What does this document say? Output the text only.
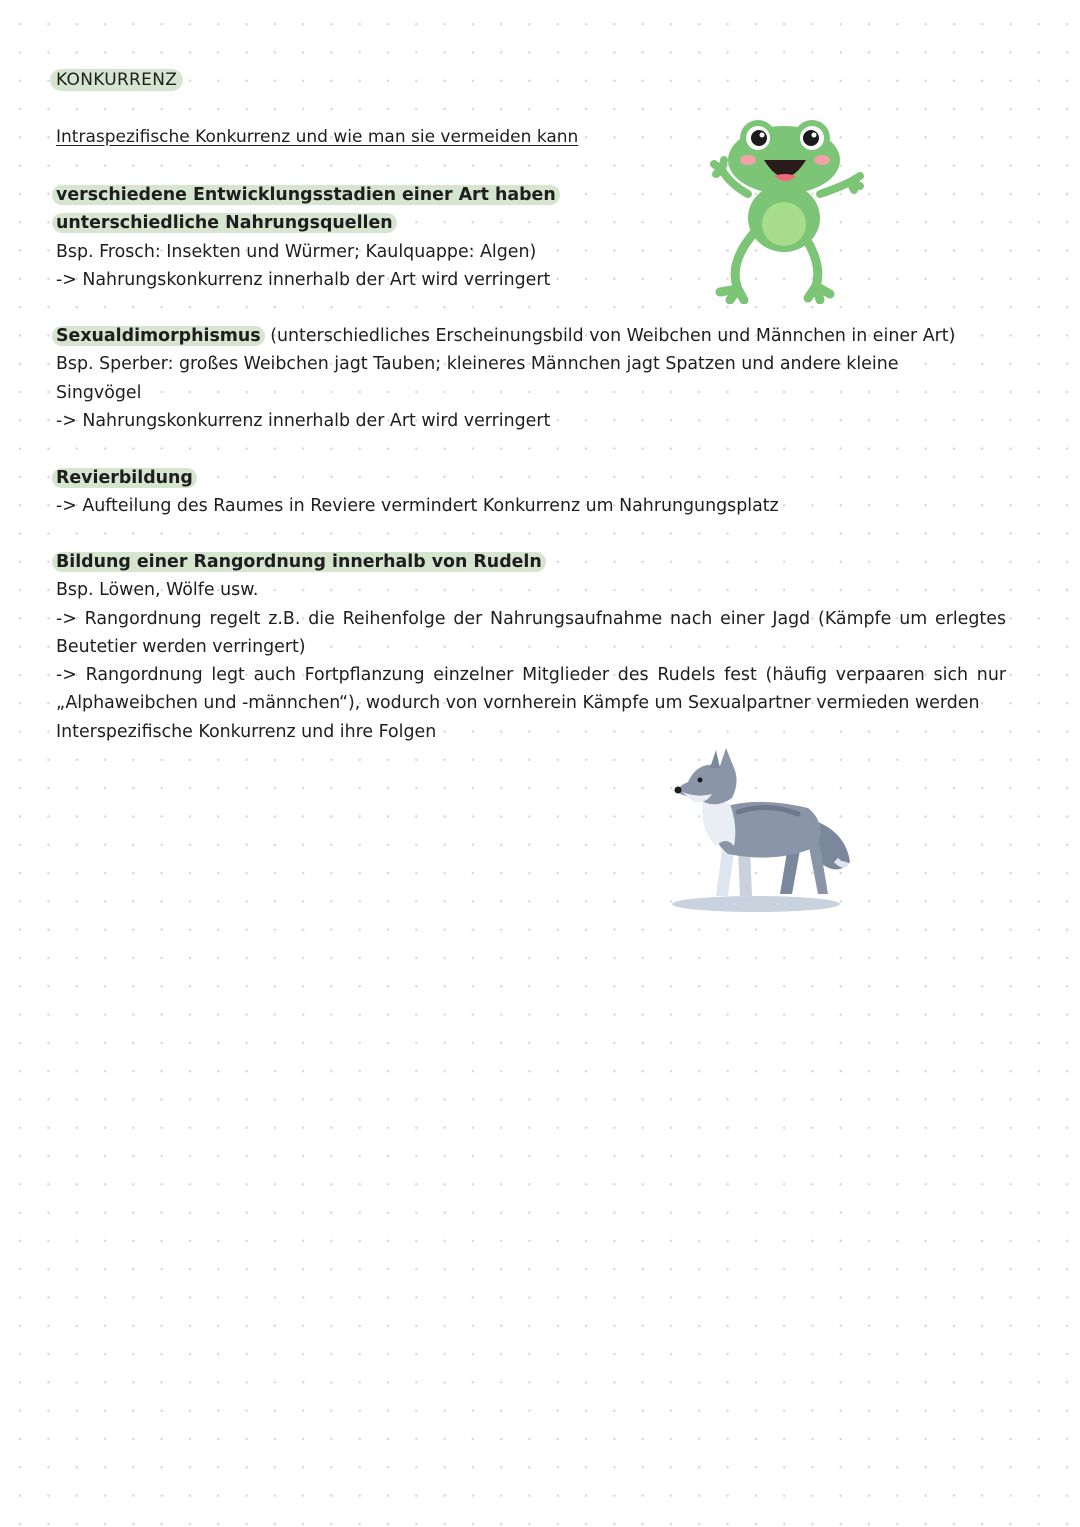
KONKURRENZ
Intraspezifische Konkurrenz und wie man sie vermeiden kann

verschiedene Entwicklungsstadien einer Art haben unterschiedliche Nahrungsquellen

Bsp. Frosch: Insekten und Würmer; Kaulquappe: Algen)

-> Nahrungskonkurrenz innerhalb der Art wird verringert

Sexualdimorphismus (unterschiedliches Erscheinungsbild von Weibchen und Männchen in einer Art)

Bsp. Sperber: großes Weibchen jagt Tauben; kleineres Männchen jagt Spatzen und andere kleine Singvögel

-> Nahrungskonkurrenz innerhalb der Art wird verringert

Revierbildung

-> Aufteilung des Raumes in Reviere vermindert Konkurrenz um Nahrungungsplatz

Bildung einer Rangordnung innerhalb von Rudeln

Bsp. Löwen, Wölfe usw.

-> Rangordnung regelt z.B. die Reihenfolge der Nahrungsaufnahme nach einer Jagd (Kämpfe um erlegtes Beutetier werden verringert)

-> Rangordnung legt auch Fortpflanzung einzelner Mitglieder des Rudels fest (häufig verpaaren sich nur „Alphaweibchen und -männchen“), wodurch von vornherein Kämpfe um Sexualpartner vermieden werden

Interspezifische Konkurrenz und ihre Folgen
